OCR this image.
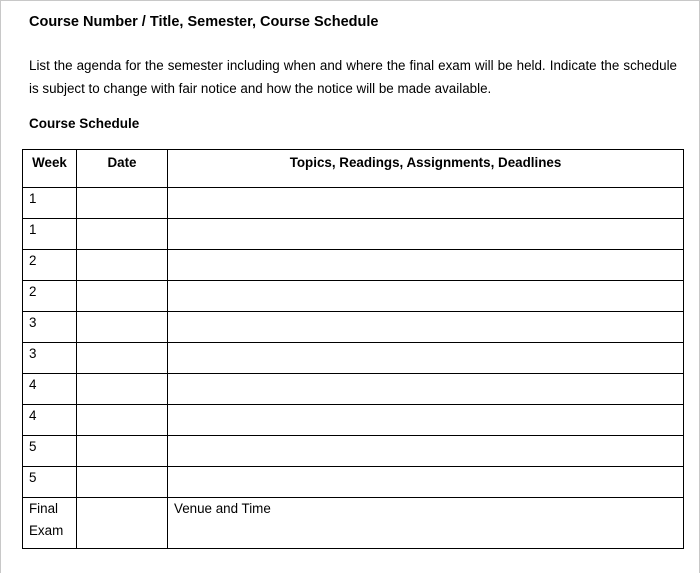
Course Number / Title, Semester, Course Schedule

List the agenda for the semester including when and where the final exam will be held. Indicate the schedule is subject to change with fair notice and how the notice will be made available.

Course Schedule
Week	Date	Topics, Readings, Assignments, Deadlines
1		
1		
2		
2		
3		
3		
4		
4		
5		
5		
Final
Exam		Venue and Time
